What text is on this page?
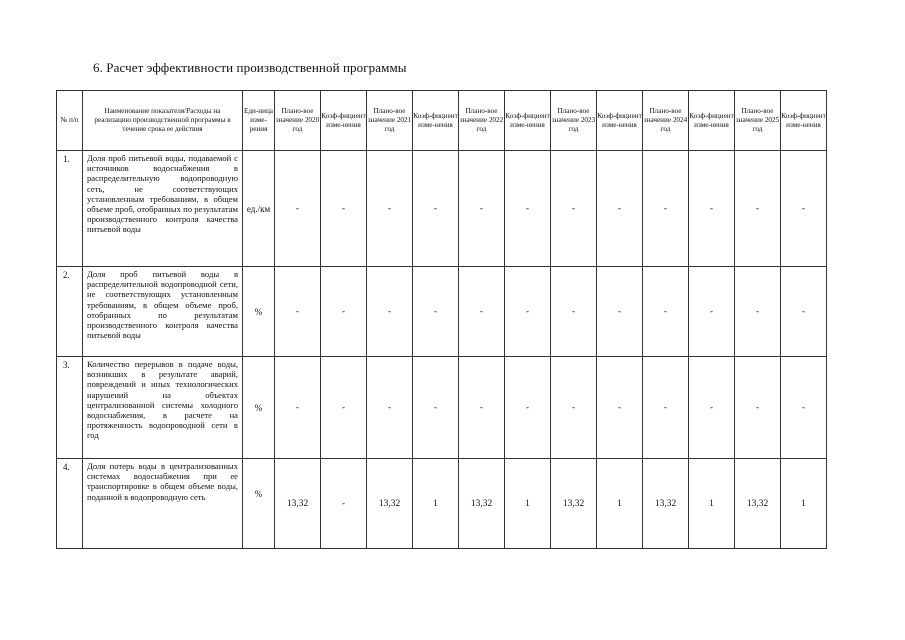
6. Расчет эффективности производственной программы
№ п/п	Наименование показателя/Расходы на реализацию производственной программы в течение срока ее действия	Еди-ница изме-рения	Плано-вое значение 2020 год	Коэф-фициент изме-нения	Плано-вое значение 2021 год	Коэф-фициент изме-нения	Плано-вое значение 2022 год	Коэф-фициент изме-нения	Плано-вое значение 2023 год	Коэф-фициент изме-нения	Плано-вое значение 2024 год	Коэф-фициент изме-нения	Плано-вое значение 2025 год	Коэф-фициент изме-нения
1.	Доля проб питьевой воды, подаваемой с источников водоснабжения в распределительную водопроводную сеть, не соответствующих установленным требованиям, в общем объеме проб, отобранных по результатам производственного контроля качества питьевой воды	ед./км	-	-	-	-	-	-	-	-	-	-	-	-
2.	Доля проб питьевой воды в распределительной водопроводной сети, не соответствующих установленным требованиям, в общем объеме проб, отобранных по результатам производственного контроля качества питьевой воды	%	-	-	-	-	-	-	-	-	-	-	-	-
3.	Количество перерывов в подаче воды, возникших в результате аварий, повреждений и иных технологических нарушений на объектах централизованной системы холодного водоснабжения, в расчете на протяженность водопроводной сети в год	%	-	-	-	-	-	-	-	-	-	-	-	-
4.	Доля потерь воды в централизованных системах водоснабжения при ее транспортировке в общем объеме воды, поданной в водопроводную сеть	%	13,32	-	13,32	1	13,32	1	13,32	1	13,32	1	13,32	1
